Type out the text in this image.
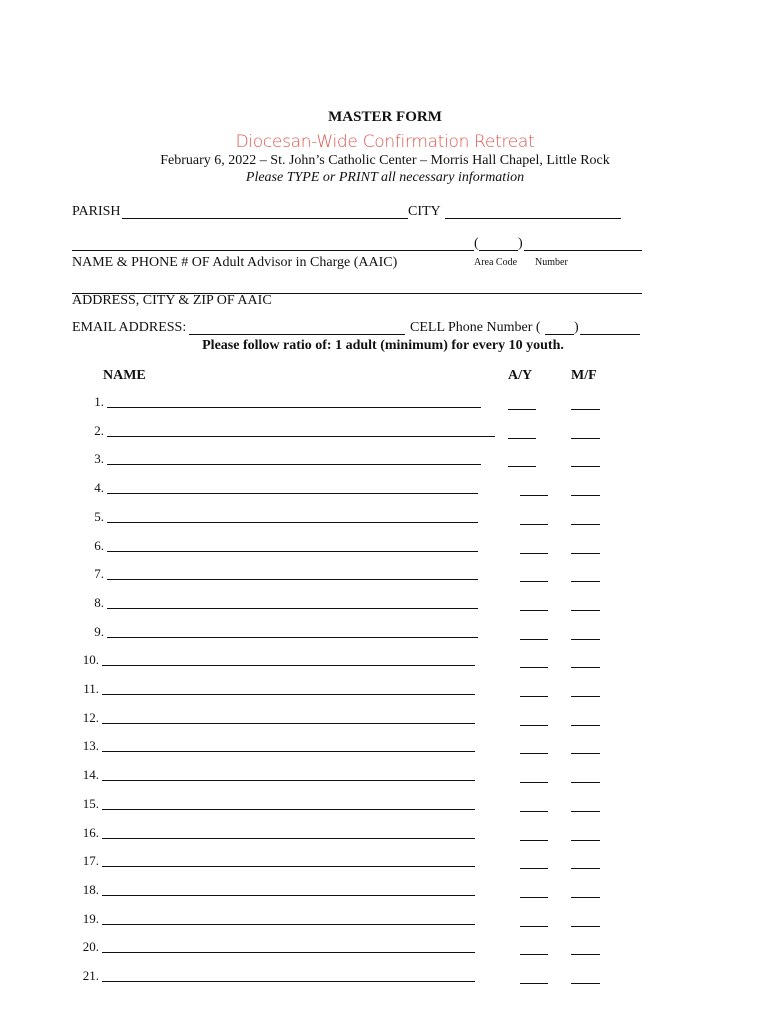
MASTER FORM
Diocesan-Wide Confirmation Retreat
February 6, 2022 – St. John’s Catholic Center – Morris Hall Chapel, Little Rock
Please TYPE or PRINT all necessary information
PARISH	CITY
(	)
NAME & PHONE # OF Adult Advisor in Charge (AAIC)	Area Code Number
ADDRESS, CITY & ZIP OF AAIC
EMAIL ADDRESS:	CELL Phone Number ( )
Please follow ratio of: 1 adult (minimum) for every 10 youth.
NAME	A/Y	M/F
1.
2.
3.
4.
5.
6.
7.
8.
9.
10.
11.
12.
13.
14.
15.
16.
17.
18.
19.
20.
21.
